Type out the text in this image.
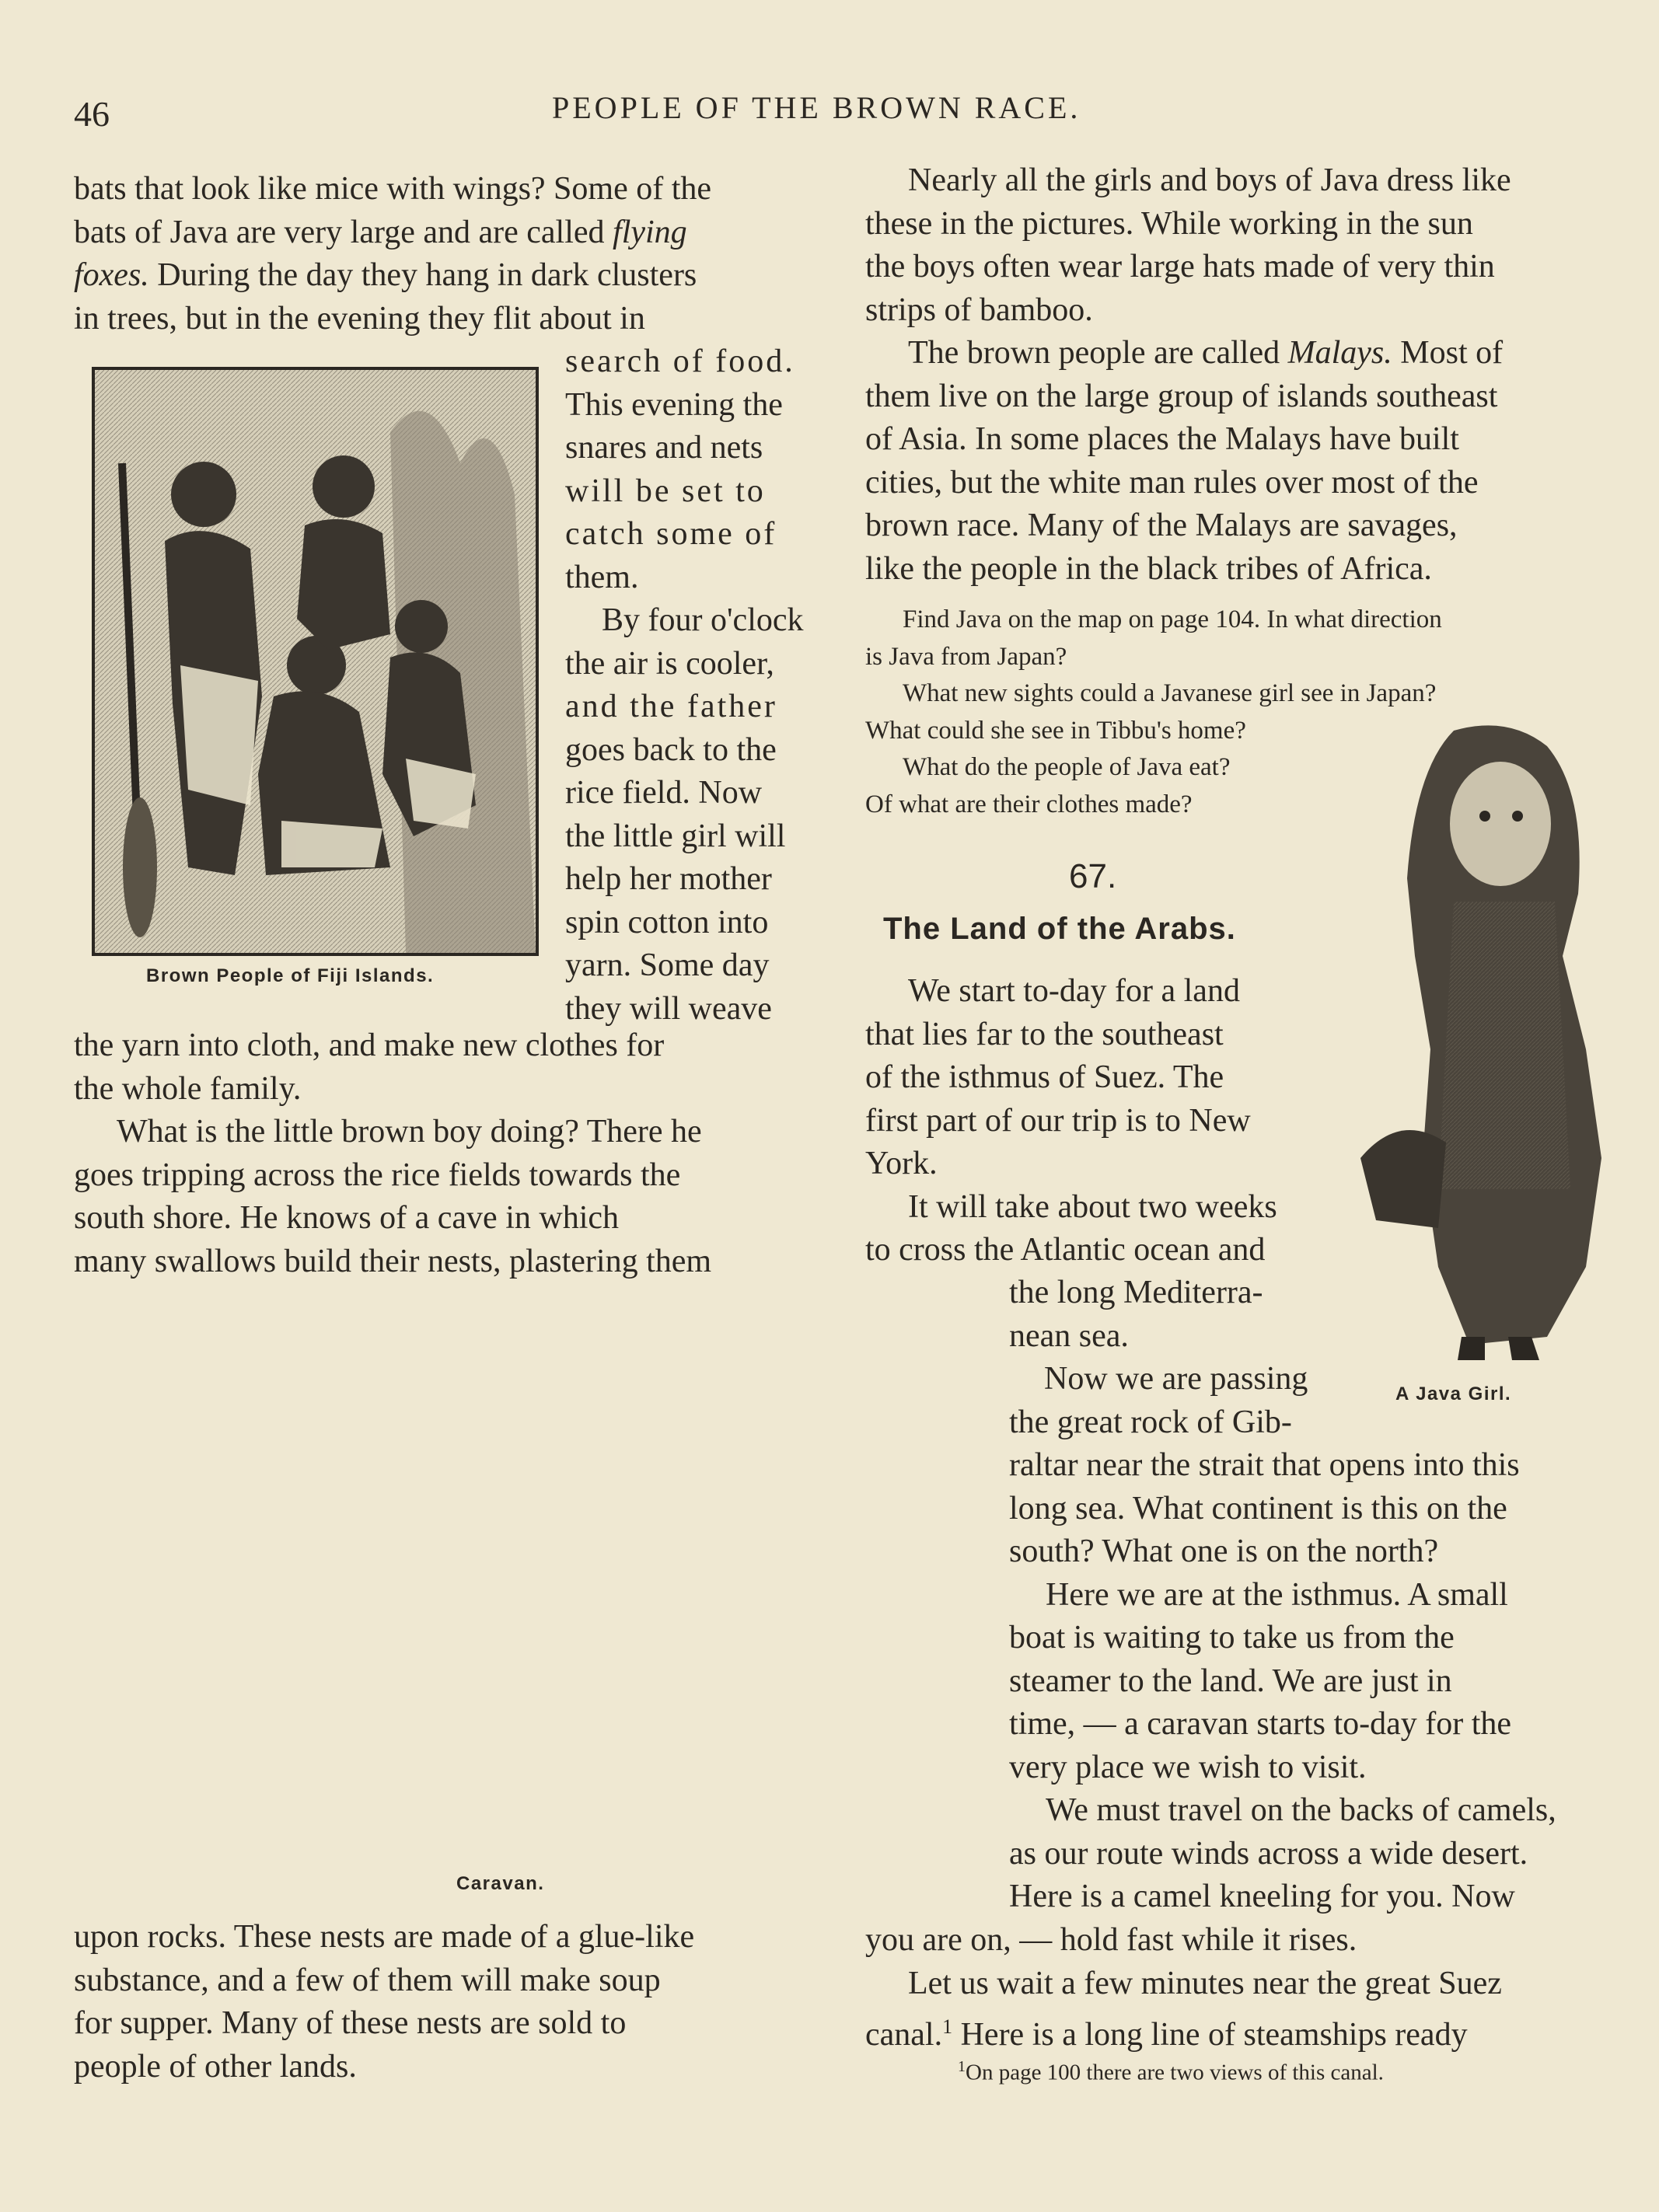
46	PEOPLE OF THE BROWN RACE.

bats that look like mice with wings? Some of the

bats of Java are very large and are called flying

foxes. During the day they hang in dark clusters

in trees, but in the evening they flit about in

Brown People of Fiji Islands.

search of food.

This evening the

snares and nets

will be set to

catch some of

them.

By four o'clock

the air is cooler,

and the father

goes back to the

rice field. Now

the little girl will

help her mother

spin cotton into

yarn. Some day

they will weave

the yarn into cloth, and make new clothes for

the whole family.

What is the little brown boy doing? There he

goes tripping across the rice fields towards the

south shore. He knows of a cave in which

many swallows build their nests, plastering them

Caravan.

upon rocks. These nests are made of a glue-like

substance, and a few of them will make soup

for supper. Many of these nests are sold to

people of other lands.

Nearly all the girls and boys of Java dress like

these in the pictures. While working in the sun

the boys often wear large hats made of very thin

strips of bamboo.

The brown people are called Malays. Most of

them live on the large group of islands southeast

of Asia. In some places the Malays have built

cities, but the white man rules over most of the

brown race. Many of the Malays are savages,

like the people in the black tribes of Africa.

Find Java on the map on page 104. In what direction

is Java from Japan?

What new sights could a Javanese girl see in Japan?

What could she see in Tibbu's home?

What do the people of Java eat?

Of what are their clothes made?

67.
The Land of the Arabs.
A Java Girl.

We start to-day for a land

that lies far to the southeast

of the isthmus of Suez. The

first part of our trip is to New

York.

It will take about two weeks

to cross the Atlantic ocean and

the long Mediterra-

nean sea.

Now we are passing

the great rock of Gib-

raltar near the strait that opens into this

long sea. What continent is this on the

south? What one is on the north?

Here we are at the isthmus. A small

boat is waiting to take us from the

steamer to the land. We are just in

time, — a caravan starts to-day for the

very place we wish to visit.

We must travel on the backs of camels,

as our route winds across a wide desert.

Here is a camel kneeling for you. Now

you are on, — hold fast while it rises.

Let us wait a few minutes near the great Suez

canal.$^1$ Here is a long line of steamships ready

$^1$On page 100 there are two views of this canal.
